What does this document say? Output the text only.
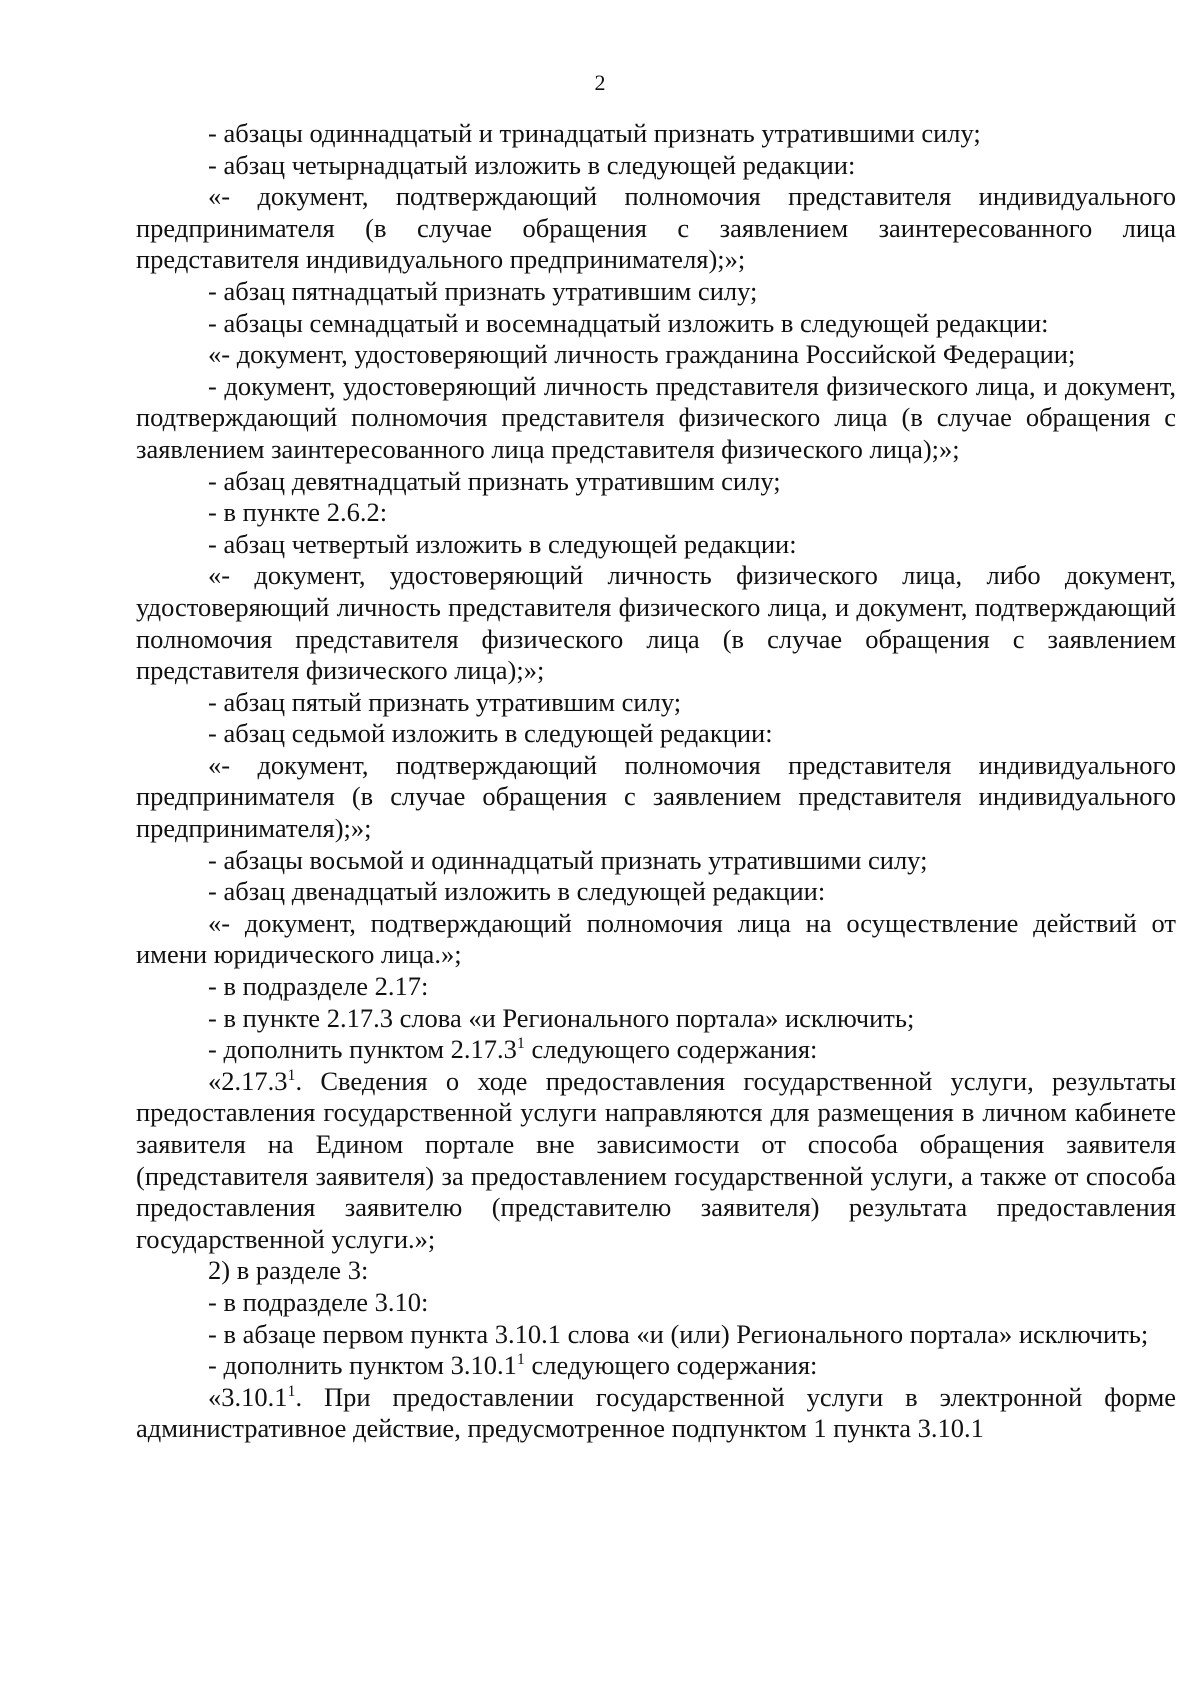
2

- абзацы одиннадцатый и тринадцатый признать утратившими силу;

- абзац четырнадцатый изложить в следующей редакции:

«- документ, подтверждающий полномочия представителя индивидуального предпринимателя (в случае обращения с заявлением заинтересованного лица представителя индивидуального предпринимателя);»;

- абзац пятнадцатый признать утратившим силу;

- абзацы семнадцатый и восемнадцатый изложить в следующей редакции:

«- документ, удостоверяющий личность гражданина Российской Федерации;

- документ, удостоверяющий личность представителя физического лица, и документ, подтверждающий полномочия представителя физического лица (в случае обращения с заявлением заинтересованного лица представителя физического лица);»;

- абзац девятнадцатый признать утратившим силу;

- в пункте 2.6.2:

- абзац четвертый изложить в следующей редакции:

«- документ, удостоверяющий личность физического лица, либо документ, удостоверяющий личность представителя физического лица, и документ, подтверждающий полномочия представителя физического лица (в случае обращения с заявлением представителя физического лица);»;

- абзац пятый признать утратившим силу;

- абзац седьмой изложить в следующей редакции:

«- документ, подтверждающий полномочия представителя индивидуального предпринимателя (в случае обращения с заявлением представителя индивидуального предпринимателя);»;

- абзацы восьмой и одиннадцатый признать утратившими силу;

- абзац двенадцатый изложить в следующей редакции:

«- документ, подтверждающий полномочия лица на осуществление действий от имени юридического лица.»;

- в подразделе 2.17:

- в пункте 2.17.3 слова «и Регионального портала» исключить;

- дополнить пунктом 2.17.3$^1$ следующего содержания:

«2.17.3$^1$. Сведения о ходе предоставления государственной услуги, результаты предоставления государственной услуги направляются для размещения в личном кабинете заявителя на Едином портале вне зависимости от способа обращения заявителя (представителя заявителя) за предоставлением государственной услуги, а также от способа предоставления заявителю (представителю заявителя) результата предоставления государственной услуги.»;

2) в разделе 3:

- в подразделе 3.10:

- в абзаце первом пункта 3.10.1 слова «и (или) Регионального портала» исключить;

- дополнить пунктом 3.10.1$^1$ следующего содержания:

«3.10.1$^1$. При предоставлении государственной услуги в электронной форме административное действие, предусмотренное подпунктом 1 пункта 3.10.1
